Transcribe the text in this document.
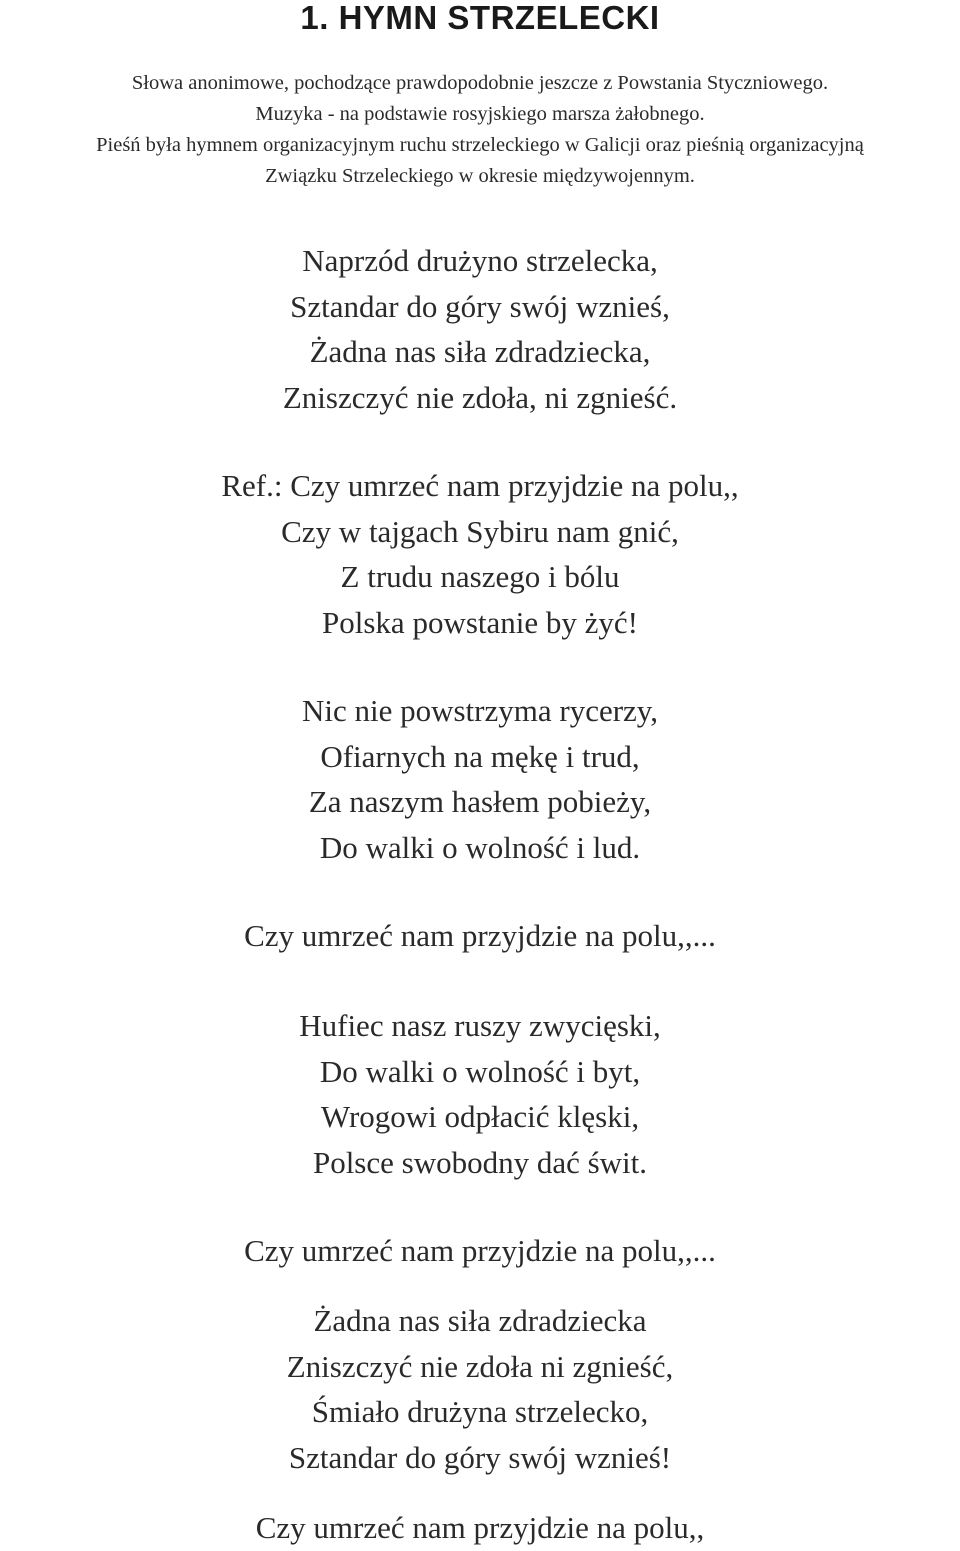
1. HYMN STRZELECKI
Słowa anonimowe, pochodzące prawdopodobnie jeszcze z Powstania Styczniowego.
Muzyka - na podstawie rosyjskiego marsza żałobnego.
Pieśń była hymnem organizacyjnym ruchu strzeleckiego w Galicji oraz pieśnią organizacyjną
Związku Strzeleckiego w okresie międzywojennym.
Naprzód drużyno strzelecka,
Sztandar do góry swój wznieś,
Żadna nas siła zdradziecka,
Zniszczyć nie zdoła, ni zgnieść.
Ref.: Czy umrzeć nam przyjdzie na polu,,
Czy w tajgach Sybiru nam gnić,
Z trudu naszego i bólu
Polska powstanie by żyć!
Nic nie powstrzyma rycerzy,
Ofiarnych na mękę i trud,
Za naszym hasłem pobieży,
Do walki o wolność i lud.
Czy umrzeć nam przyjdzie na polu,,...
Hufiec nasz ruszy zwycięski,
Do walki o wolność i byt,
Wrogowi odpłacić klęski,
Polsce swobodny dać świt.
Czy umrzeć nam przyjdzie na polu,,...
Żadna nas siła zdradziecka
Zniszczyć nie zdoła ni zgnieść,
Śmiało drużyna strzelecko,
Sztandar do góry swój wznieś!
Czy umrzeć nam przyjdzie na polu,,
